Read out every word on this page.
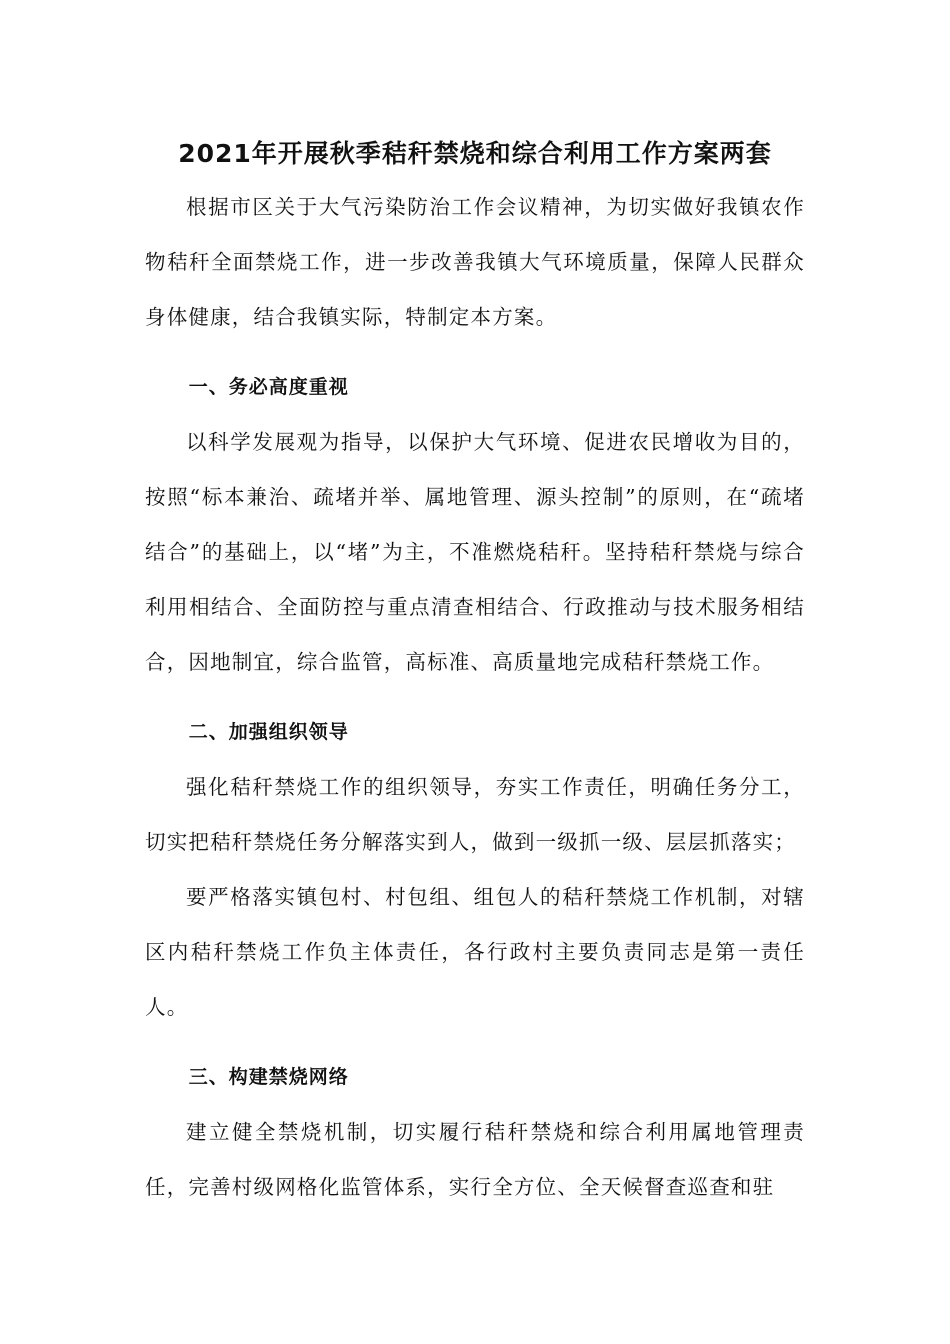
2021年开展秋季秸秆禁烧和综合利用工作方案两套

根据市区关于大气污染防治工作会议精神，为切实做好我镇农作物秸秆全面禁烧工作，进一步改善我镇大气环境质量，保障人民群众身体健康，结合我镇实际，特制定本方案。

一、务必高度重视

以科学发展观为指导，以保护大气环境、促进农民增收为目的，按照“标本兼治、疏堵并举、属地管理、源头控制”的原则，在“疏堵结合”的基础上，以“堵”为主，不准燃烧秸秆。坚持秸秆禁烧与综合利用相结合、全面防控与重点清查相结合、行政推动与技术服务相结合，因地制宜，综合监管，高标准、高质量地完成秸秆禁烧工作。

二、加强组织领导

强化秸秆禁烧工作的组织领导，夯实工作责任，明确任务分工，切实把秸秆禁烧任务分解落实到人，做到一级抓一级、层层抓落实；

要严格落实镇包村、村包组、组包人的秸秆禁烧工作机制，对辖区内秸秆禁烧工作负主体责任，各行政村主要负责同志是第一责任人。

三、构建禁烧网络

建立健全禁烧机制，切实履行秸秆禁烧和综合利用属地管理责任，完善村级网格化监管体系，实行全方位、全天候督查巡查和驻
